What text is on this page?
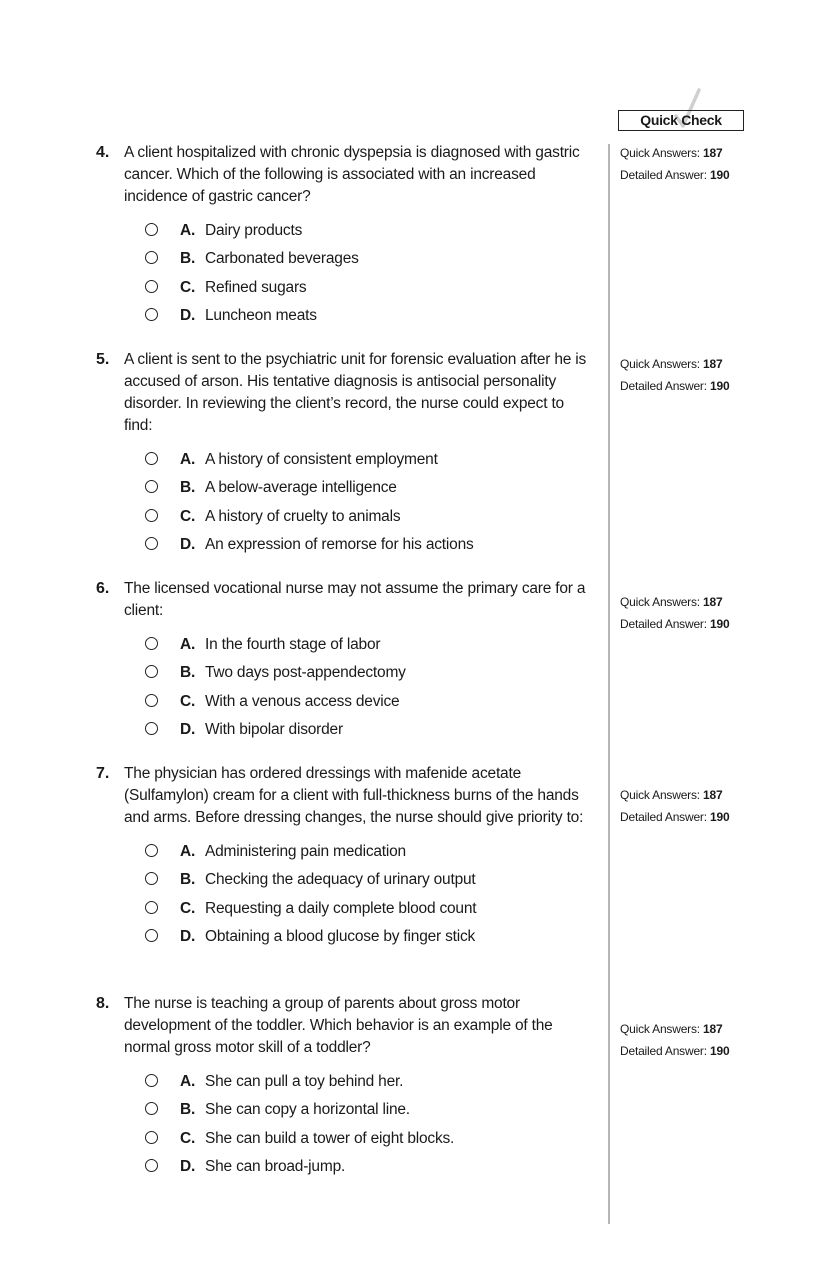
Quick Check
4. A client hospitalized with chronic dyspepsia is diagnosed with gastric cancer. Which of the following is associated with an increased incidence of gastric cancer?
A. Dairy products
B. Carbonated beverages
C. Refined sugars
D. Luncheon meats
Quick Answers: 187
Detailed Answer: 190
5. A client is sent to the psychiatric unit for forensic evaluation after he is accused of arson. His tentative diagnosis is antisocial personality disorder. In reviewing the client’s record, the nurse could expect to find:
A. A history of consistent employment
B. A below-average intelligence
C. A history of cruelty to animals
D. An expression of remorse for his actions
Quick Answers: 187
Detailed Answer: 190
6. The licensed vocational nurse may not assume the primary care for a client:
A. In the fourth stage of labor
B. Two days post-appendectomy
C. With a venous access device
D. With bipolar disorder
Quick Answers: 187
Detailed Answer: 190
7. The physician has ordered dressings with mafenide acetate (Sulfamylon) cream for a client with full-thickness burns of the hands and arms. Before dressing changes, the nurse should give priority to:
A. Administering pain medication
B. Checking the adequacy of urinary output
C. Requesting a daily complete blood count
D. Obtaining a blood glucose by finger stick
Quick Answers: 187
Detailed Answer: 190
8. The nurse is teaching a group of parents about gross motor development of the toddler. Which behavior is an example of the normal gross motor skill of a toddler?
A. She can pull a toy behind her.
B. She can copy a horizontal line.
C. She can build a tower of eight blocks.
D. She can broad-jump.
Quick Answers: 187
Detailed Answer: 190
